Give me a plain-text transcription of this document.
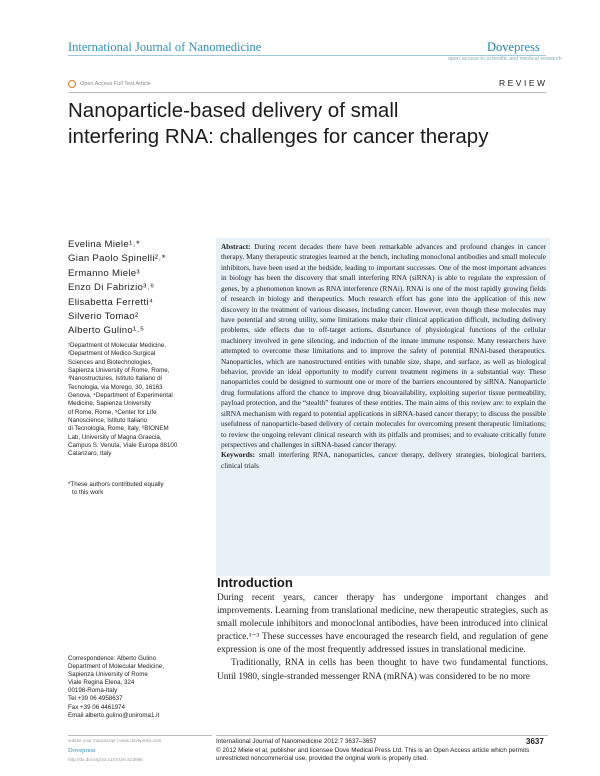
International Journal of Nanomedicine	Dovepress
open access to scientific and medical research
Open Access Full Text Article	REVIEW
Nanoparticle-based delivery of small
interfering RNA: challenges for cancer therapy
Evelina Miele¹˒*
Gian Paolo Spinelli²˒*
Ermanno Miele³
Enzo Di Fabrizio³˒⁶
Elisabetta Ferretti⁴
Silverio Tomao²
Alberto Gulino¹˒⁵
¹Department of Molecular Medicine,
²Department of Medico-Surgical
Sciences and Biotechnologies,
Sapienza University of Rome, Rome,
³Nanostructures, Istituto Italiano di
Tecnologia, via Morego, 30, 16163
Genova, ⁴Department of Experimental
Medicine, Sapienza University
of Rome, Rome, ⁵Center for Life
Nanoscience, Istituto Italiano
di Tecnologia, Rome, Italy, ⁶BIONEM
Lab, University of Magna Graecia,
Campus S. Venuta, Viale Europa 88100
Catanzaro, Italy
*These authors contributed equally
to this work
Correspondence: Alberto Gulino
Department of Molecular Medicine,
Sapienza University of Rome
Viale Regina Elena, 324
00198-Roma-Italy
Tel +39 06 4958637
Fax +39 06 4461974
Email alberto.gulino@uniroma1.it

Abstract: During recent decades there have been remarkable advances and profound changes in cancer therapy. Many therapeutic strategies learned at the bench, including monoclonal antibodies and small molecule inhibitors, have been used at the bedside, leading to important successes. One of the most important advances in biology has been the discovery that small interfering RNA (siRNA) is able to regulate the expression of genes, by a phenomenon known as RNA interference (RNAi). RNAi is one of the most rapidly growing fields of research in biology and therapeutics. Much research effort has gone into the application of this new discovery in the treatment of various diseases, including cancer. However, even though these molecules may have potential and strong utility, some limitations make their clinical application difficult, including delivery problems, side effects due to off-target actions, disturbance of physiological functions of the cellular machinery involved in gene silencing, and induction of the innate immune response. Many researchers have attempted to overcome these limitations and to improve the safety of potential RNAi-based therapeutics. Nanoparticles, which are nanostructured entities with tunable size, shape, and surface, as well as biological behavior, provide an ideal opportunity to modify current treatment regimens in a substantial way. These nanoparticles could be designed to surmount one or more of the barriers encountered by siRNA. Nanoparticle drug formulations afford the chance to improve drug bioavailability, exploiting superior tissue permeability, payload protection, and the “stealth” features of these entities. The main aims of this review are: to explain the siRNA mechanism with regard to potential applications in siRNA-based cancer therapy; to discuss the possible usefulness of nanoparticle-based delivery of certain molecules for overcoming present therapeutic limitations; to review the ongoing relevant clinical research with its pitfalls and promises; and to evaluate critically future perspectives and challenges in siRNA-based cancer therapy.

Keywords: small interfering RNA, nanoparticles, cancer therapy, delivery strategies, biological barriers, clinical trials

Introduction

During recent years, cancer therapy has undergone important changes and improvements. Learning from translational medicine, new therapeutic strategies, such as small molecule inhibitors and monoclonal antibodies, have been introduced into clinical practice.¹⁻³ These successes have encouraged the research field, and regulation of gene expression is one of the most frequently addressed issues in translational medicine.

Traditionally, RNA in cells has been thought to have two fundamental functions. Until 1980, single-stranded messenger RNA (mRNA) was considered to be no more

submit your manuscript | www.dovepress.com
Dovepress
http://dx.doi.org/10.2147/IJN.S23696
International Journal of Nanomedicine 2012:7 3637–3657	3637
© 2012 Miele et al, publisher and licensee Dove Medical Press Ltd. This is an Open Access article which permits unrestricted noncommercial use, provided the original work is properly cited.
